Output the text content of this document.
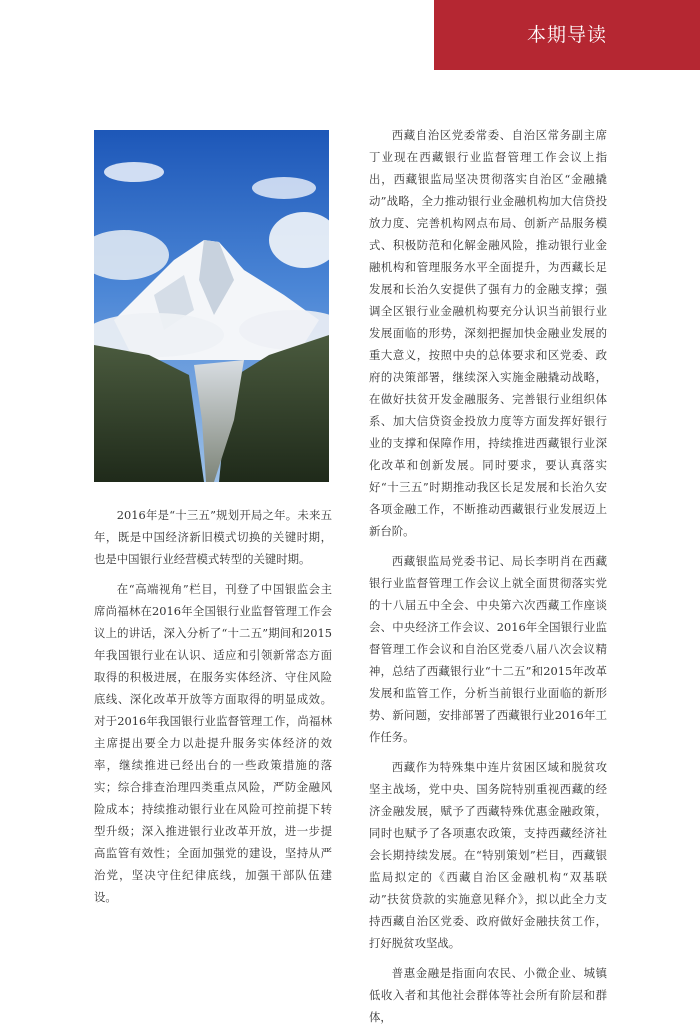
本期导读

2016年是“十三五”规划开局之年。未来五年，既是中国经济新旧模式切换的关键时期，也是中国银行业经营模式转型的关键时期。

在“高端视角”栏目，刊登了中国银监会主席尚福林在2016年全国银行业监督管理工作会议上的讲话，深入分析了“十二五”期间和2015年我国银行业在认识、适应和引领新常态方面取得的积极进展，在服务实体经济、守住风险底线、深化改革开放等方面取得的明显成效。对于2016年我国银行业监督管理工作，尚福林主席提出要全力以赴提升服务实体经济的效率，继续推进已经出台的一些政策措施的落实；综合排查治理四类重点风险，严防金融风险成本；持续推动银行业在风险可控前提下转型升级；深入推进银行业改革开放，进一步提高监管有效性；全面加强党的建设，坚持从严治党，坚决守住纪律底线，加强干部队伍建设。

西藏自治区党委常委、自治区常务副主席丁业现在西藏银行业监督管理工作会议上指出，西藏银监局坚决贯彻落实自治区“金融撬动”战略，全力推动银行业金融机构加大信贷投放力度、完善机构网点布局、创新产品服务模式、积极防范和化解金融风险，推动银行业金融机构和管理服务水平全面提升，为西藏长足发展和长治久安提供了强有力的金融支撑；强调全区银行业金融机构要充分认识当前银行业发展面临的形势，深刻把握加快金融业发展的重大意义，按照中央的总体要求和区党委、政府的决策部署，继续深入实施金融撬动战略，在做好扶贫开发金融服务、完善银行业组织体系、加大信贷资金投放力度等方面发挥好银行业的支撑和保障作用，持续推进西藏银行业深化改革和创新发展。同时要求，要认真落实好“十三五”时期推动我区长足发展和长治久安各项金融工作，不断推动西藏银行业发展迈上新台阶。

西藏银监局党委书记、局长李明肖在西藏银行业监督管理工作会议上就全面贯彻落实党的十八届五中全会、中央第六次西藏工作座谈会、中央经济工作会议、2016年全国银行业监督管理工作会议和自治区党委八届八次会议精神，总结了西藏银行业“十二五”和2015年改革发展和监管工作，分析当前银行业面临的新形势、新问题，安排部署了西藏银行业2016年工作任务。

西藏作为特殊集中连片贫困区域和脱贫攻坚主战场，党中央、国务院特别重视西藏的经济金融发展，赋予了西藏特殊优惠金融政策，同时也赋予了各项惠农政策，支持西藏经济社会长期持续发展。在“特别策划”栏目，西藏银监局拟定的《西藏自治区金融机构“双基联动”扶贫贷款的实施意见释介》，拟以此全力支持西藏自治区党委、政府做好金融扶贫工作，打好脱贫攻坚战。

普惠金融是指面向农民、小微企业、城镇低收入者和其他社会群体等社会所有阶层和群体，
